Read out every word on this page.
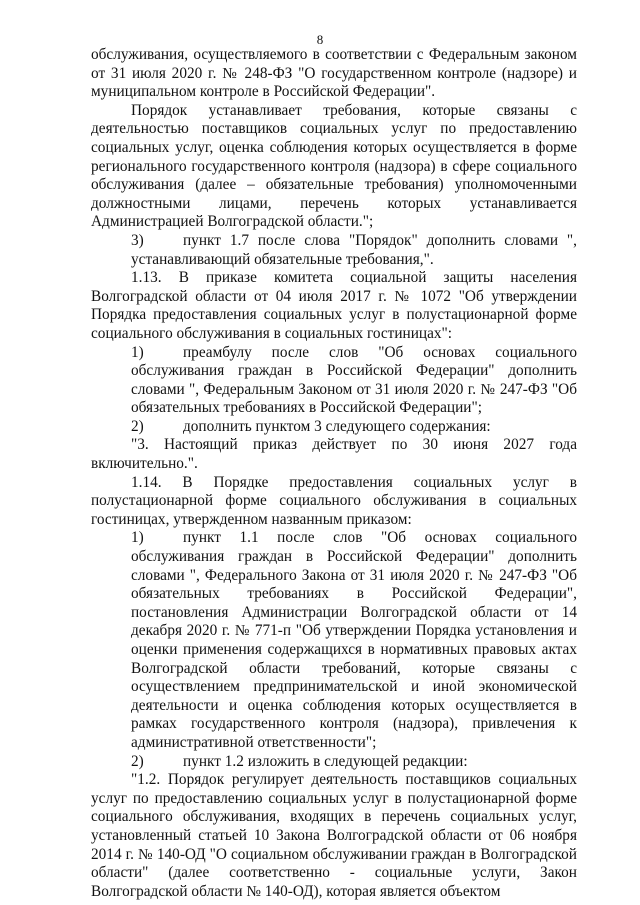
8

обслуживания, осуществляемого в соответствии с Федеральным законом от 31 июля 2020 г. № 248-ФЗ "О государственном контроле (надзоре) и муниципальном контроле в Российской Федерации".

Порядок устанавливает требования, которые связаны с деятельностью поставщиков социальных услуг по предоставлению социальных услуг, оценка соблюдения которых осуществляется в форме регионального государственного контроля (надзора) в сфере социального обслуживания (далее – обязательные требования) уполномоченными должностными лицами, перечень которых устанавливается Администрацией Волгоградской области.";

3)	пункт 1.7 после слова "Порядок" дополнить словами ", устанавливающий обязательные требования,".

1.13. В приказе комитета социальной защиты населения Волгоградской области от 04 июля 2017 г. № 1072 "Об утверждении Порядка предоставления социальных услуг в полустационарной форме социального обслуживания в социальных гостиницах":

1)	преамбулу после слов "Об основах социального обслуживания граждан в Российской Федерации" дополнить словами ", Федеральным Законом от 31 июля 2020 г. № 247-ФЗ "Об обязательных требованиях в Российской Федерации";

2)	дополнить пунктом 3 следующего содержания:

"3. Настоящий приказ действует по 30 июня 2027 года включительно.".

1.14. В Порядке предоставления социальных услуг в полустационарной форме социального обслуживания в социальных гостиницах, утвержденном названным приказом:

1)	пункт 1.1 после слов "Об основах социального обслуживания граждан в Российской Федерации" дополнить словами ", Федерального Закона от 31 июля 2020 г. № 247-ФЗ "Об обязательных требованиях в Российской Федерации", постановления Администрации Волгоградской области от 14 декабря 2020 г. № 771-п "Об утверждении Порядка установления и оценки применения содержащихся в нормативных правовых актах Волгоградской области требований, которые связаны с осуществлением предпринимательской и иной экономической деятельности и оценка соблюдения которых осуществляется в рамках государственного контроля (надзора), привлечения к административной ответственности";

2)	пункт 1.2 изложить в следующей редакции:

"1.2. Порядок регулирует деятельность поставщиков социальных услуг по предоставлению социальных услуг в полустационарной форме социального обслуживания, входящих в перечень социальных услуг, установленный статьей 10 Закона Волгоградской области от 06 ноября 2014 г. № 140-ОД "О социальном обслуживании граждан в Волгоградской области" (далее соответственно - социальные услуги, Закон Волгоградской области № 140-ОД), которая является объектом
